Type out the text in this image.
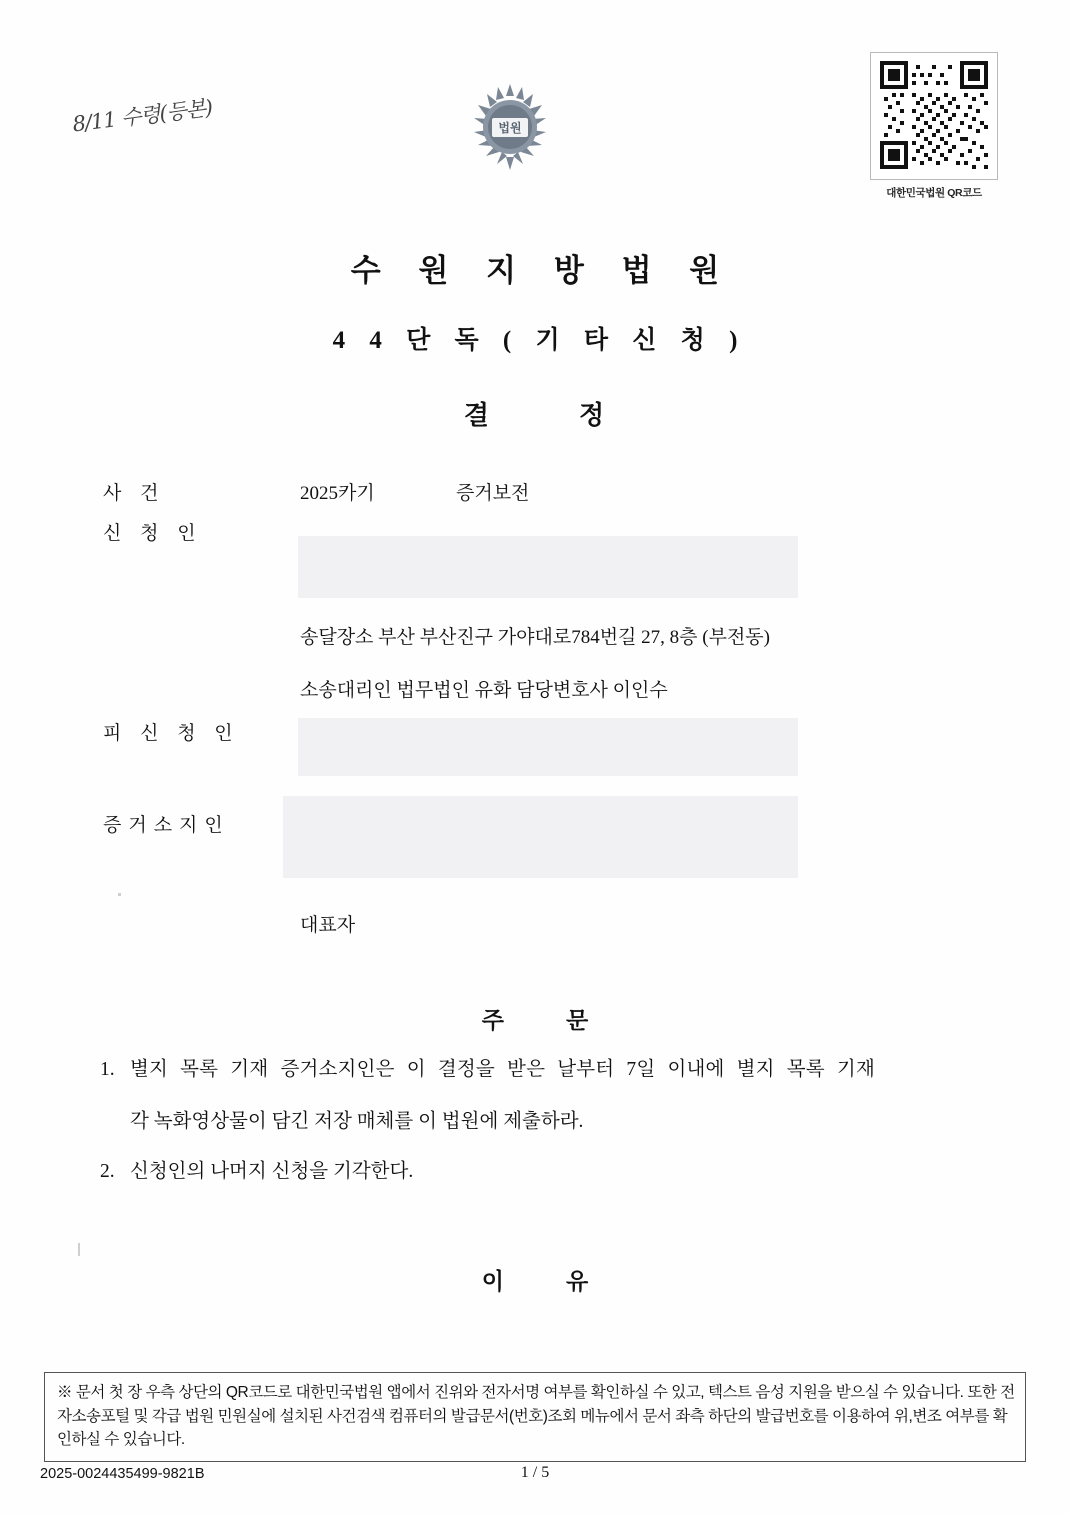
8/11 수령(등본)	법원
대한민국법원 QR코드
수 원 지 방 법 원
4 4 단 독 ( 기 타 신 청 )
결	정
사 건	2025카기	증거보전
신 청 인
송달장소 부산 부산진구 가야대로784번길 27, 8층 (부전동)
소송대리인 법무법인 유화 담당변호사 이인수
피 신 청 인
증거소지인
대표자
주	문
1. 별지 목록 기재 증거소지인은 이 결정을 받은 날부터 7일 이내에 별지 목록 기재
각 녹화영상물이 담긴 저장 매체를 이 법원에 제출하라.
2. 신청인의 나머지 신청을 기각한다.
이	유
※ 문서 첫 장 우측 상단의 QR코드로 대한민국법원 앱에서 진위와 전자서명 여부를 확인하실 수 있고, 텍스트 음성 지원을 받으실 수 있습니다. 또한 전자소송포털 및 각급 법원 민원실에 설치된 사건검색 컴퓨터의 발급문서(번호)조회 메뉴에서 문서 좌측 하단의 발급번호를 이용하여 위,변조 여부를 확인하실 수 있습니다.
2025-0024435499-9821B	1 / 5
